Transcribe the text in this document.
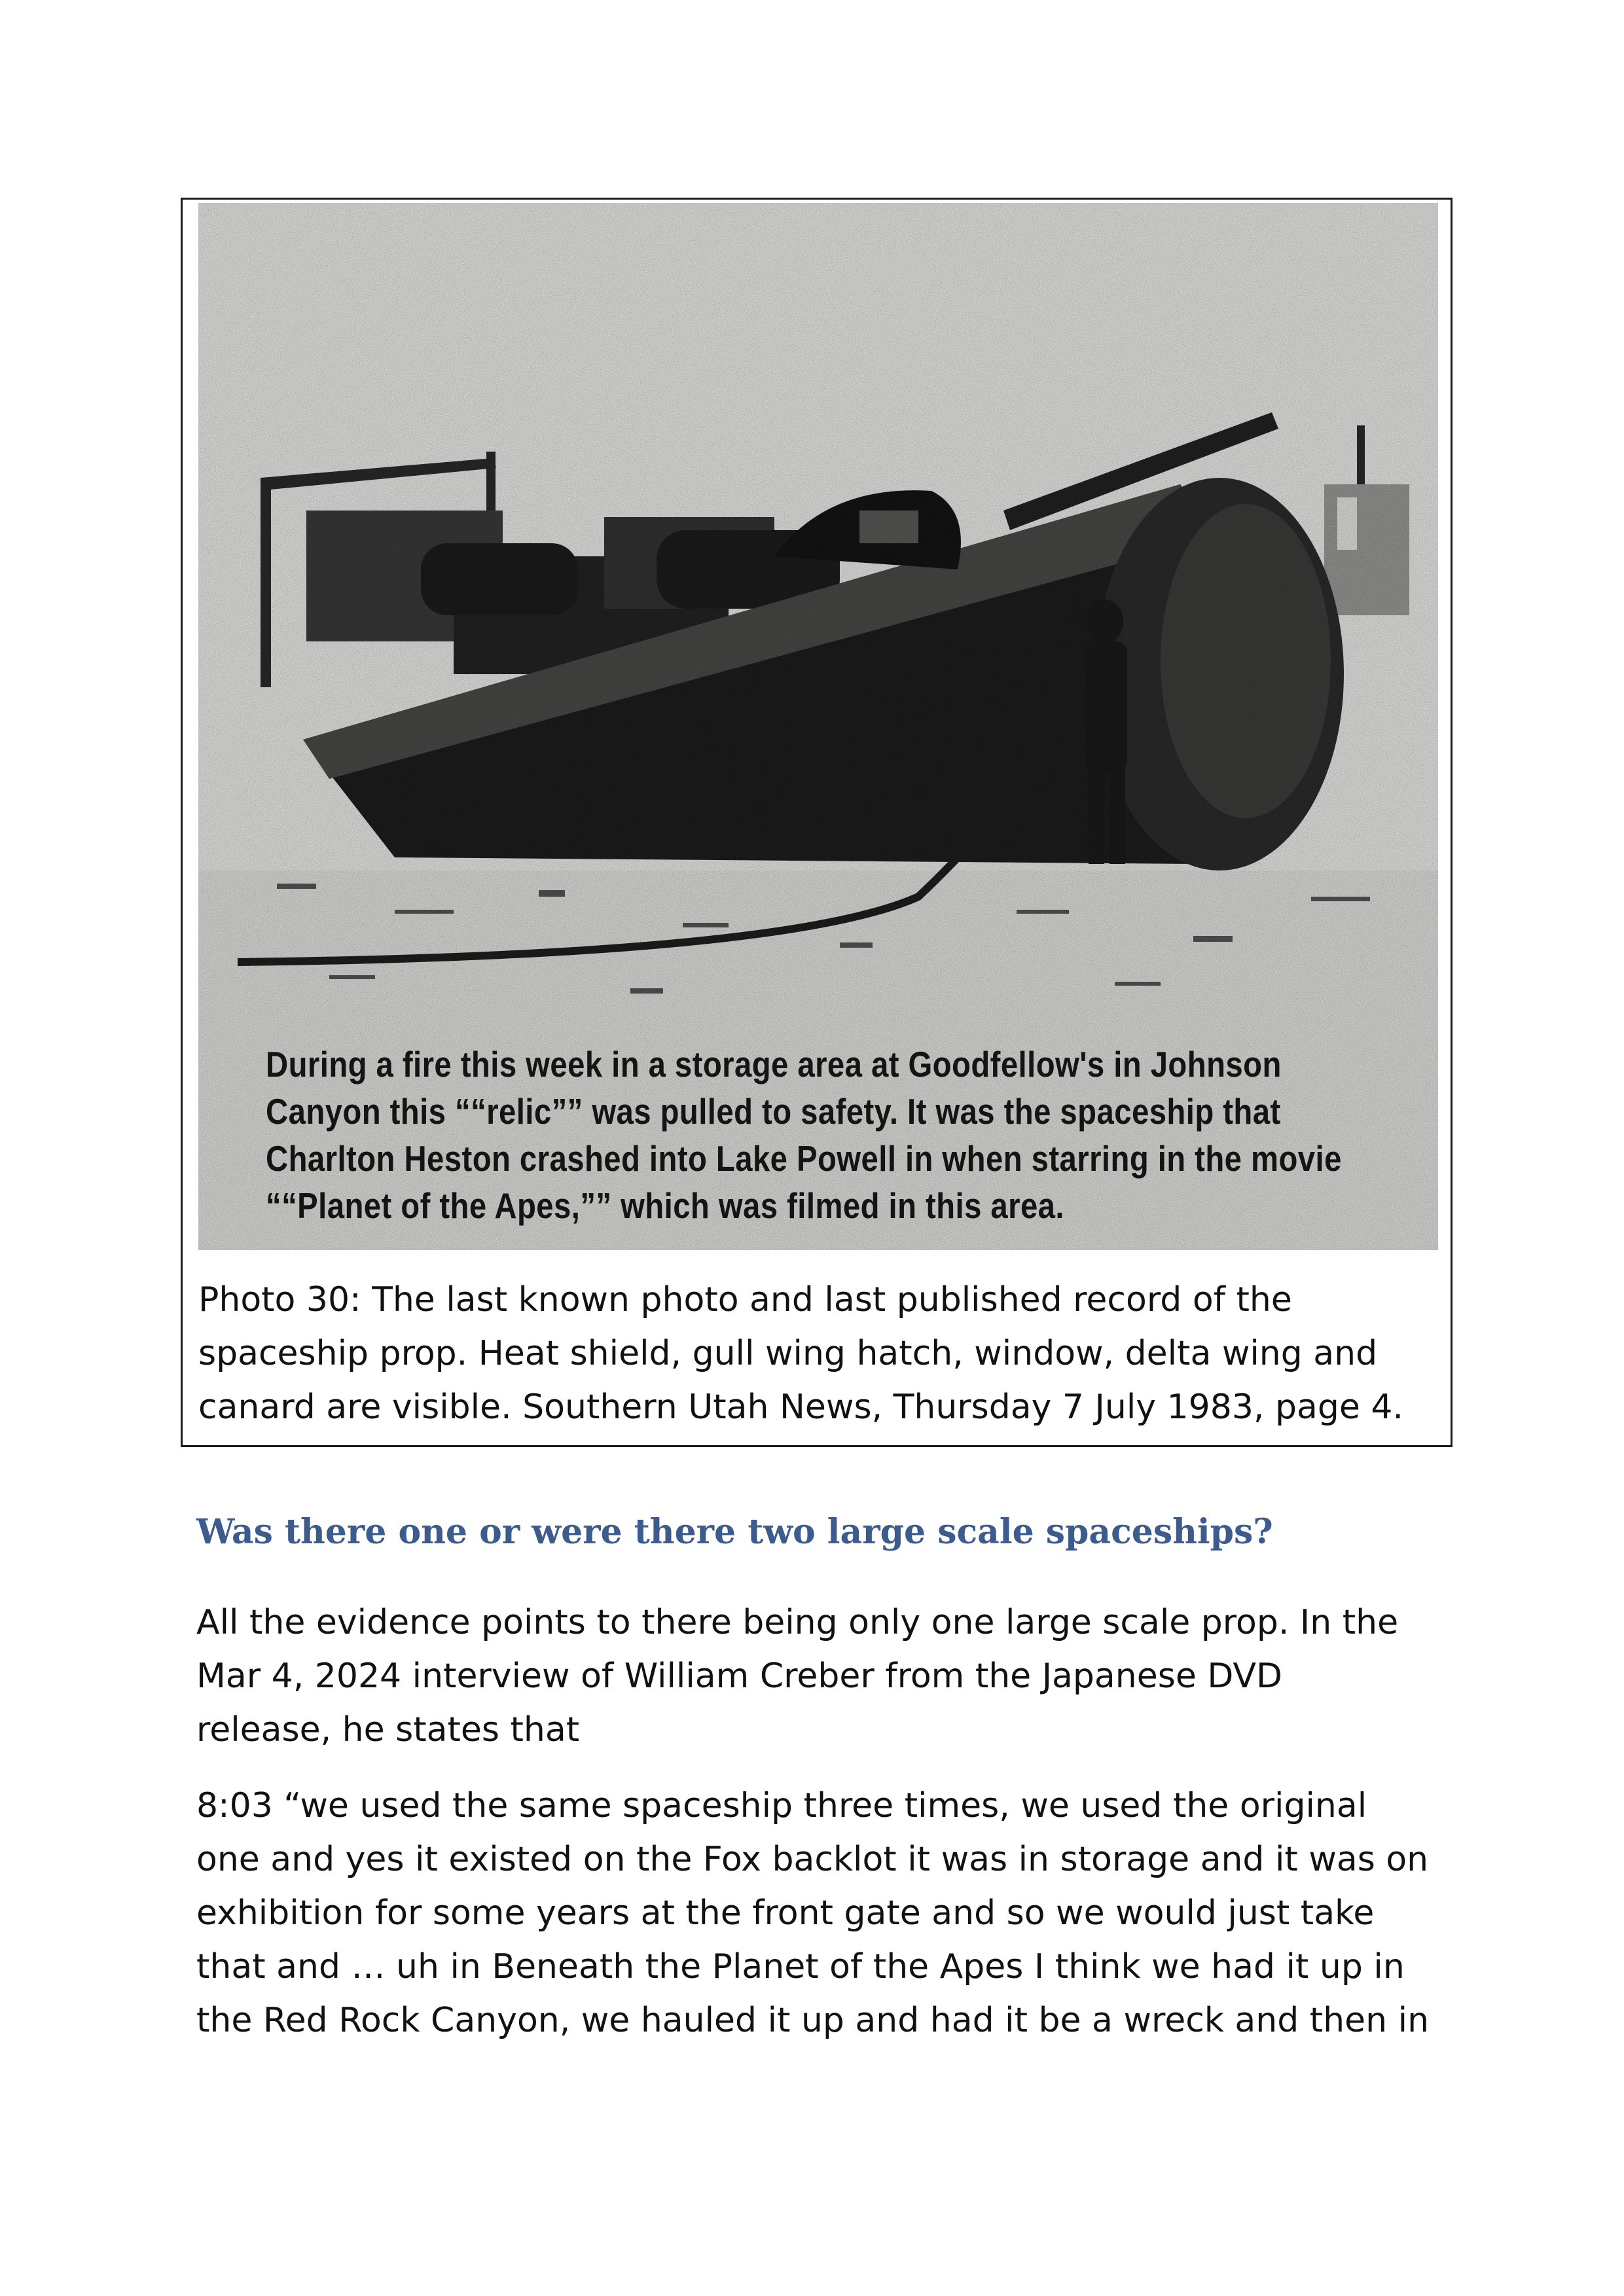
During a fire this week in a storage area at Goodfellow's in Johnson
Canyon this ““relic”” was pulled to safety. It was the spaceship that
Charlton Heston crashed into Lake Powell in when starring in the movie
““Planet of the Apes,”” which was filmed in this area.
Photo 30: The last known photo and last published record of the
spaceship prop. Heat shield, gull wing hatch, window, delta wing and
canard are visible. Southern Utah News, Thursday 7 July 1983, page 4.
Was there one or were there two large scale spaceships?
All the evidence points to there being only one large scale prop. In the
Mar 4, 2024 interview of William Creber from the Japanese DVD
release, he states that
8:03 “we used the same spaceship three times, we used the original
one and yes it existed on the Fox backlot it was in storage and it was on
exhibition for some years at the front gate and so we would just take
that and … uh in Beneath the Planet of the Apes I think we had it up in
the Red Rock Canyon, we hauled it up and had it be a wreck and then in
